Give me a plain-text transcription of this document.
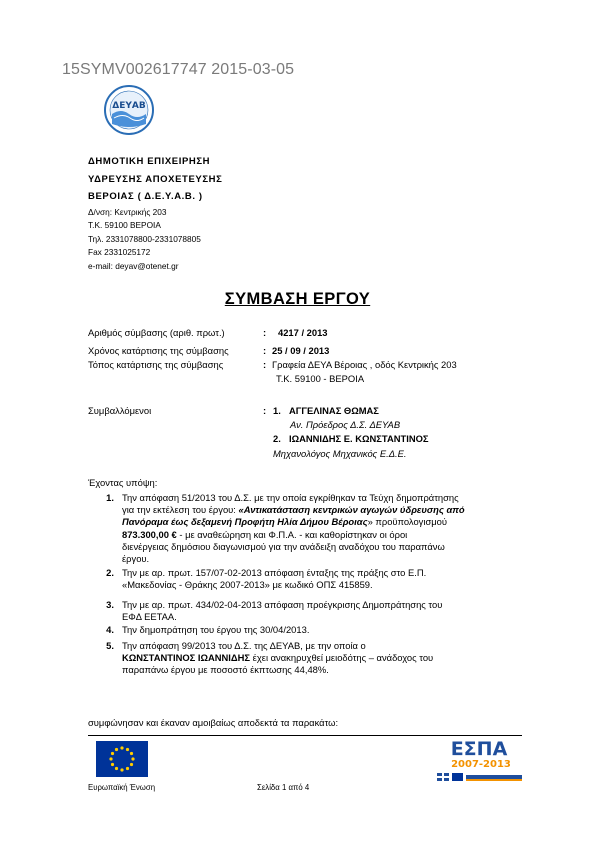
15SYMV002617747 2015-03-05
ΔΕΥΑΒ
ΔΗΜΟΤΙΚΗ ΕΠΙΧΕΙΡΗΣΗ
ΥΔΡΕΥΣΗΣ ΑΠΟΧΕΤΕΥΣΗΣ
ΒΕΡΟΙΑΣ ( Δ.Ε.Υ.Α.Β. )
Δ/νση: Κεντρικής 203
Τ.Κ. 59100 ΒΕΡΟΙΑ
Τηλ. 2331078800-2331078805
Fax 2331025172
e-mail: deyav@otenet.gr
ΣΥΜΒΑΣΗ ΕΡΓΟΥ
Αριθμός σύμβασης (αριθ. πρωτ.)	: 4217 / 2013
Χρόνος κατάρτισης της σύμβασης	: 25 / 09 / 2013
Τόπος κατάρτισης της σύμβασης	: Γραφεία ΔΕΥΑ Βέροιας , οδός Κεντρικής 203
Τ.Κ. 59100 - ΒΕΡΟΙΑ
Συμβαλλόμενοι	: 1. ΑΓΓΕΛΙΝΑΣ ΘΩΜΑΣ
Αν. Πρόεδρος Δ.Σ. ΔΕΥΑΒ
2. ΙΩΑΝΝΙΔΗΣ Ε. ΚΩΝΣΤΑΝΤΙΝΟΣ
Μηχανολόγος Μηχανικός Ε.Δ.Ε.
Έχοντας υπόψη:
1. Την απόφαση 51/2013 του Δ.Σ. με την οποία εγκρίθηκαν τα Τεύχη δημοπράτησης
για την εκτέλεση του έργου: «Αντικατάσταση κεντρικών αγωγών ύδρευσης από
Πανόραμα έως δεξαμενή Προφήτη Ηλία Δήμου Βέροιας» προϋπολογισμού
873.300,00 € - με αναθεώρηση και Φ.Π.Α. - και καθορίστηκαν οι όροι
διενέργειας δημόσιου διαγωνισμού για την ανάδειξη αναδόχου του παραπάνω
έργου.
2. Την με αρ. πρωτ. 157/07-02-2013 απόφαση ένταξης της πράξης στο Ε.Π.
«Μακεδονίας - Θράκης 2007-2013» με κωδικό ΟΠΣ 415859.
3. Την με αρ. πρωτ. 434/02-04-2013 απόφαση προέγκρισης Δημοπράτησης του
ΕΦΔ ΕΕΤΑΑ.
4. Την δημοπράτηση του έργου της 30/04/2013.
5. Την απόφαση 99/2013 του Δ.Σ. της ΔΕΥΑΒ, με την οποία ο
ΚΩΝΣΤΑΝΤΙΝΟΣ ΙΩΑΝΝΙΔΗΣ έχει ανακηρυχθεί μειοδότης – ανάδοχος του
παραπάνω έργου με ποσοστό έκπτωσης 44,48%.
συμφώνησαν και έκαναν αμοιβαίως αποδεκτά τα παρακάτω:
Ευρωπαϊκή Ένωση	Σελίδα 1 από 4
ΕΣΠΑ
2007-2013
